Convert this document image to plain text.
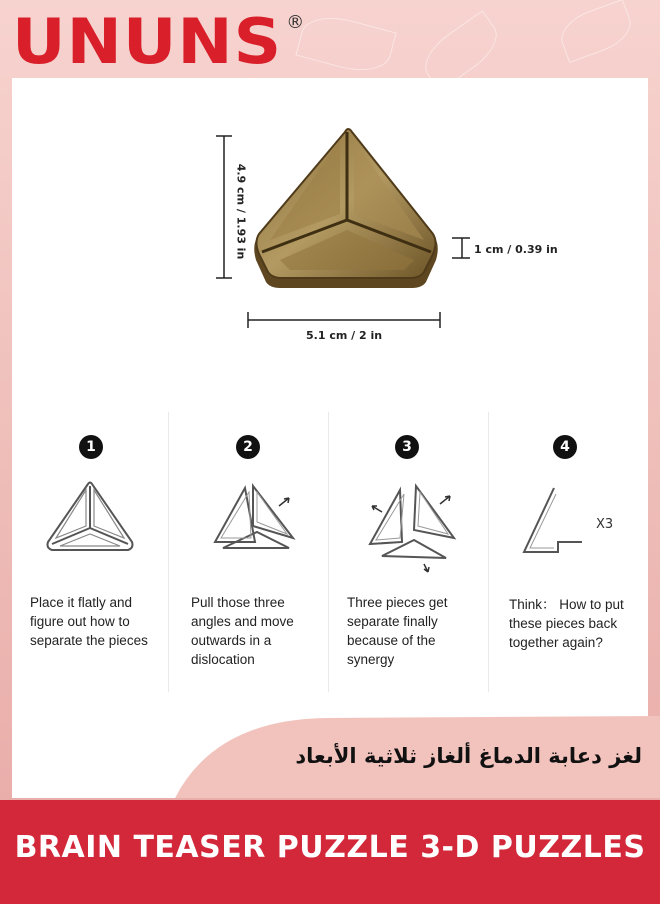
UNUNS ®
4.9 cm / 1.93 in	1 cm / 0.39 in
5.1 cm / 2 in
1	2	3	4
X3
Place it flatly and figure out how to separate the pieces
Pull those three angles and move outwards in a dislocation
Three pieces get separate finally because of the synergy
Think： How to put these pieces back together again?
لغز دعابة الدماغ ألغاز ثلاثية الأبعاد
BRAIN TEASER PUZZLE 3-D PUZZLES
